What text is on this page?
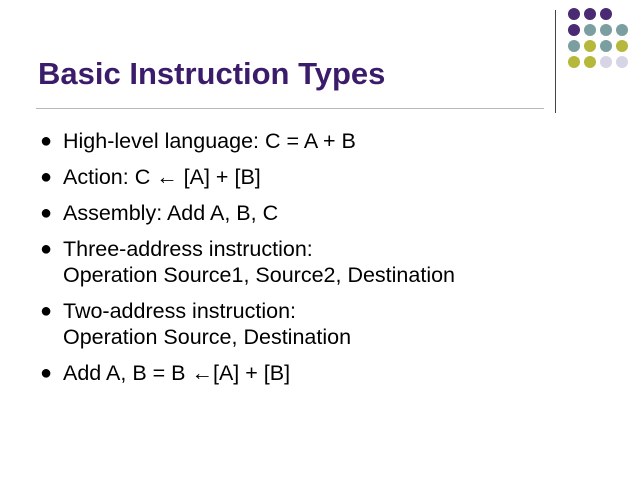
Basic Instruction Types
● High-level language: C = A + B
● Action: C ← [A] + [B]
● Assembly: Add A, B, C
● Three-address instruction:
Operation Source1, Source2, Destination
● Two-address instruction:
Operation Source, Destination
● Add A, B = B ←[A] + [B]
